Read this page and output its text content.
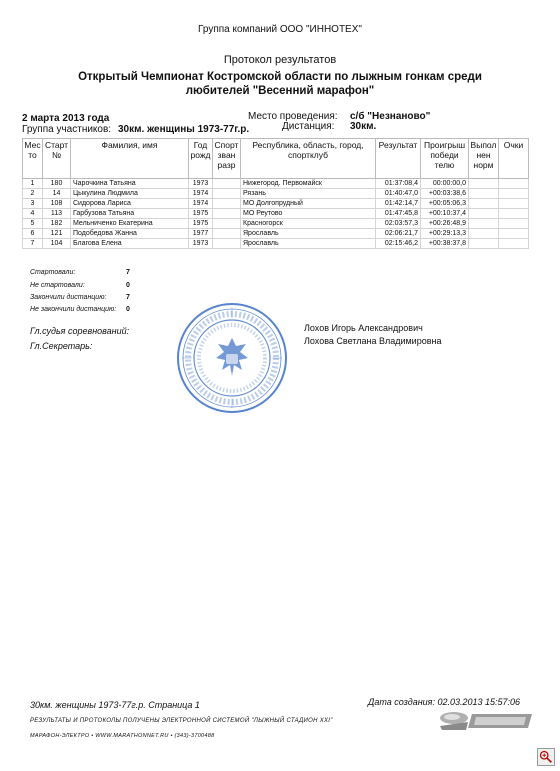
Группа компаний ООО "ИННОТЕХ"
Протокол результатов
Открытый Чемпионат Костромской области по лыжным гонкам среди
любителей "Весенний марафон"
2 марта 2013 года
Группа участников: 30км. женщины 1973-77г.р.
Место проведения: с/б "Незнаново"
Дистанция: 30км.
Мес то	Старт №	Фамилия, имя	Год рожд	Спорт зван разр	Республика, область, город, спортклуб	Результат	Проигрыш победи телю	Выпол нен норм	Очки
1	180	Чарочкина Татьяна	1973		Нижегород. Первомайск	01:37:08,4	00:00:00,0		
2	14	Цыкулина Людмила	1974		Рязань	01:40:47,0	+00:03:38,6		
3	108	Сидорова Лариса	1974		МО Долгопрудный	01:42:14,7	+00:05:06,3		
4	113	Гарбузова Татьяна	1975		МО Реутово	01:47:45,8	+00:10:37,4		
5	182	Мельниченко Екатерина	1975		Красногорск	02:03:57,3	+00:26:48,9		
6	121	Подобедова Жанна	1977		Ярославль	02:06:21,7	+00:29:13,3		
7	104	Благова Елена	1973		Ярославль	02:15:46,2	+00:38:37,8		
Стартовали:	7
Не стартовали:	0
Закончили дистанцию:	7
Не закончили дистанцию: 0
Гл.судья соревнований:	Лохов Игорь Александрович
Гл.Секретарь:	Лохова Светлана Владимировна
30км. женщины 1973-77г.р. Страница 1	Дата создания: 02.03.2013 15:57:06
РЕЗУЛЬТАТЫ И ПРОТОКОЛЫ ПОЛУЧЕНЫ ЭЛЕКТРОННОЙ СИСТЕМОЙ "ЛЫЖНЫЙ СТАДИОН XXI"
МАРАФОН-ЭЛЕКТРО • WWW.MARATHONNET.RU • (343)-3700488
